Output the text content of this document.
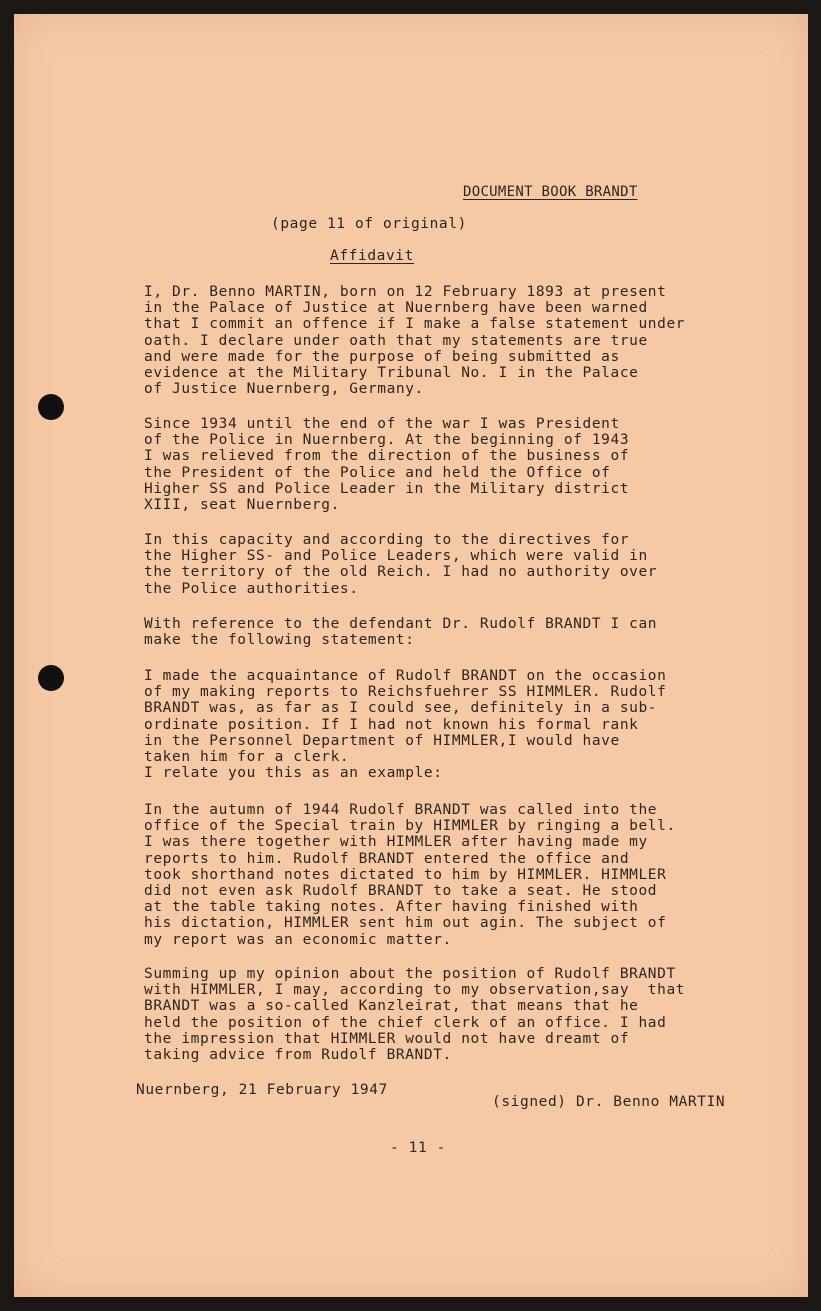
DOCUMENT BOOK BRANDT
(page 11 of original)
Affidavit
I, Dr. Benno MARTIN, born on 12 February 1893 at present
in the Palace of Justice at Nuernberg have been warned
that I commit an offence if I make a false statement under
oath. I declare under oath that my statements are true
and were made for the purpose of being submitted as
evidence at the Military Tribunal No. I in the Palace
of Justice Nuernberg, Germany.
Since 1934 until the end of the war I was President
of the Police in Nuernberg. At the beginning of 1943
I was relieved from the direction of the business of
the President of the Police and held the Office of
Higher SS and Police Leader in the Military district
XIII, seat Nuernberg.
In this capacity and according to the directives for
the Higher SS- and Police Leaders, which were valid in
the territory of the old Reich. I had no authority over
the Police authorities.
With reference to the defendant Dr. Rudolf BRANDT I can
make the following statement:
I made the acquaintance of Rudolf BRANDT on the occasion
of my making reports to Reichsfuehrer SS HIMMLER. Rudolf
BRANDT was, as far as I could see, definitely in a sub-
ordinate position. If I had not known his formal rank
in the Personnel Department of HIMMLER,I would have
taken him for a clerk.
I relate you this as an example:
In the autumn of 1944 Rudolf BRANDT was called into the
office of the Special train by HIMMLER by ringing a bell.
I was there together with HIMMLER after having made my
reports to him. Rudolf BRANDT entered the office and
took shorthand notes dictated to him by HIMMLER. HIMMLER
did not even ask Rudolf BRANDT to take a seat. He stood
at the table taking notes. After having finished with
his dictation, HIMMLER sent him out agin. The subject of
my report was an economic matter.
Summing up my opinion about the position of Rudolf BRANDT
with HIMMLER, I may, according to my observation,say  that
BRANDT was a so-called Kanzleirat, that means that he
held the position of the chief clerk of an office. I had
the impression that HIMMLER would not have dreamt of
taking advice from Rudolf BRANDT.
Nuernberg, 21 February 1947
(signed) Dr. Benno MARTIN
- 11 -
